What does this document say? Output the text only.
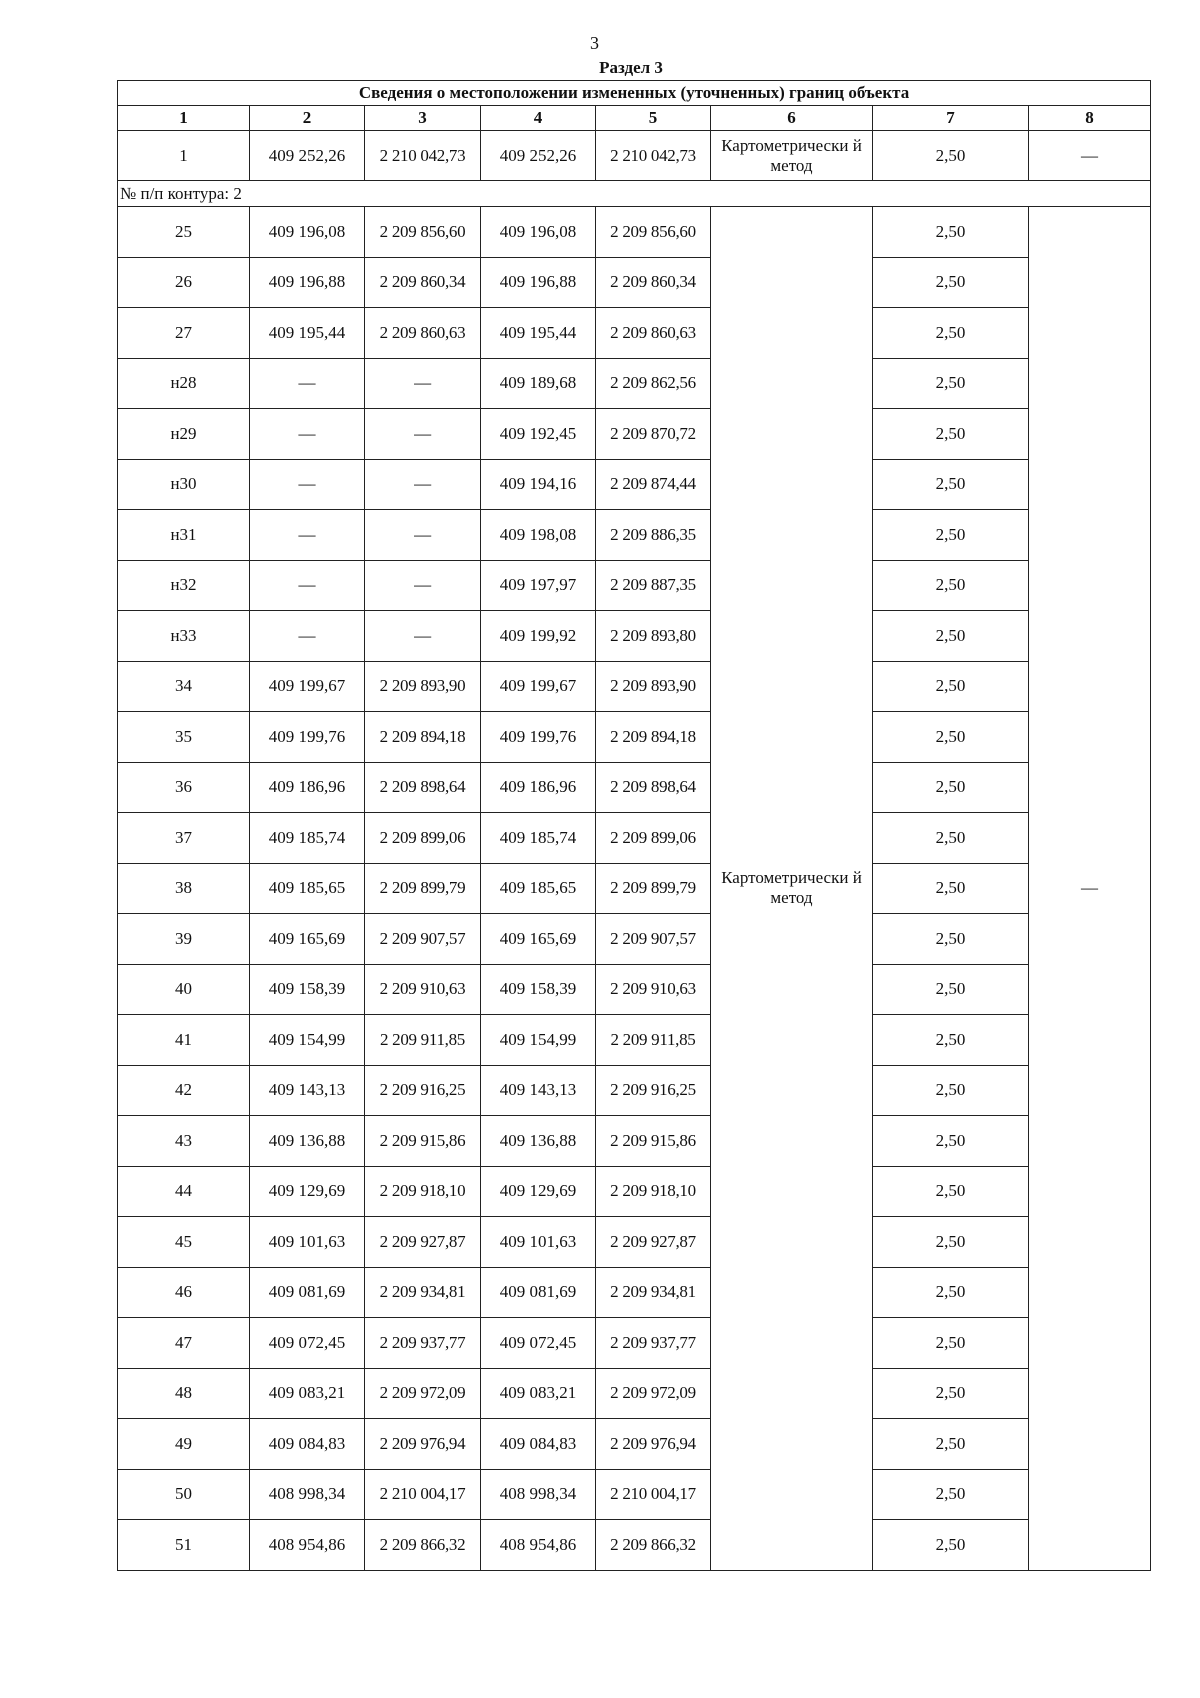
3
Раздел 3
Сведения о местоположении измененных (уточненных) границ объекта							
1	2	3	4	5	6	7	8
1	409 252,26	2 210 042,73	409 252,26	2 210 042,73	Картометрически й метод	2,50	—
№ п/п контура: 2							
25	409 196,08	2 209 856,60	409 196,08	2 209 856,60	Картометрически й метод	2,50	—
26	409 196,88	2 209 860,34	409 196,88	2 209 860,34		2,50	
27	409 195,44	2 209 860,63	409 195,44	2 209 860,63		2,50	
н28	—	—	409 189,68	2 209 862,56		2,50	
н29	—	—	409 192,45	2 209 870,72		2,50	
н30	—	—	409 194,16	2 209 874,44		2,50	
н31	—	—	409 198,08	2 209 886,35		2,50	
н32	—	—	409 197,97	2 209 887,35		2,50	
н33	—	—	409 199,92	2 209 893,80		2,50	
34	409 199,67	2 209 893,90	409 199,67	2 209 893,90		2,50	
35	409 199,76	2 209 894,18	409 199,76	2 209 894,18		2,50	
36	409 186,96	2 209 898,64	409 186,96	2 209 898,64		2,50	
37	409 185,74	2 209 899,06	409 185,74	2 209 899,06		2,50	
38	409 185,65	2 209 899,79	409 185,65	2 209 899,79		2,50	
39	409 165,69	2 209 907,57	409 165,69	2 209 907,57		2,50	
40	409 158,39	2 209 910,63	409 158,39	2 209 910,63		2,50	
41	409 154,99	2 209 911,85	409 154,99	2 209 911,85		2,50	
42	409 143,13	2 209 916,25	409 143,13	2 209 916,25		2,50	
43	409 136,88	2 209 915,86	409 136,88	2 209 915,86		2,50	
44	409 129,69	2 209 918,10	409 129,69	2 209 918,10		2,50	
45	409 101,63	2 209 927,87	409 101,63	2 209 927,87		2,50	
46	409 081,69	2 209 934,81	409 081,69	2 209 934,81		2,50	
47	409 072,45	2 209 937,77	409 072,45	2 209 937,77		2,50	
48	409 083,21	2 209 972,09	409 083,21	2 209 972,09		2,50	
49	409 084,83	2 209 976,94	409 084,83	2 209 976,94		2,50	
50	408 998,34	2 210 004,17	408 998,34	2 210 004,17		2,50	
51	408 954,86	2 209 866,32	408 954,86	2 209 866,32		2,50	
